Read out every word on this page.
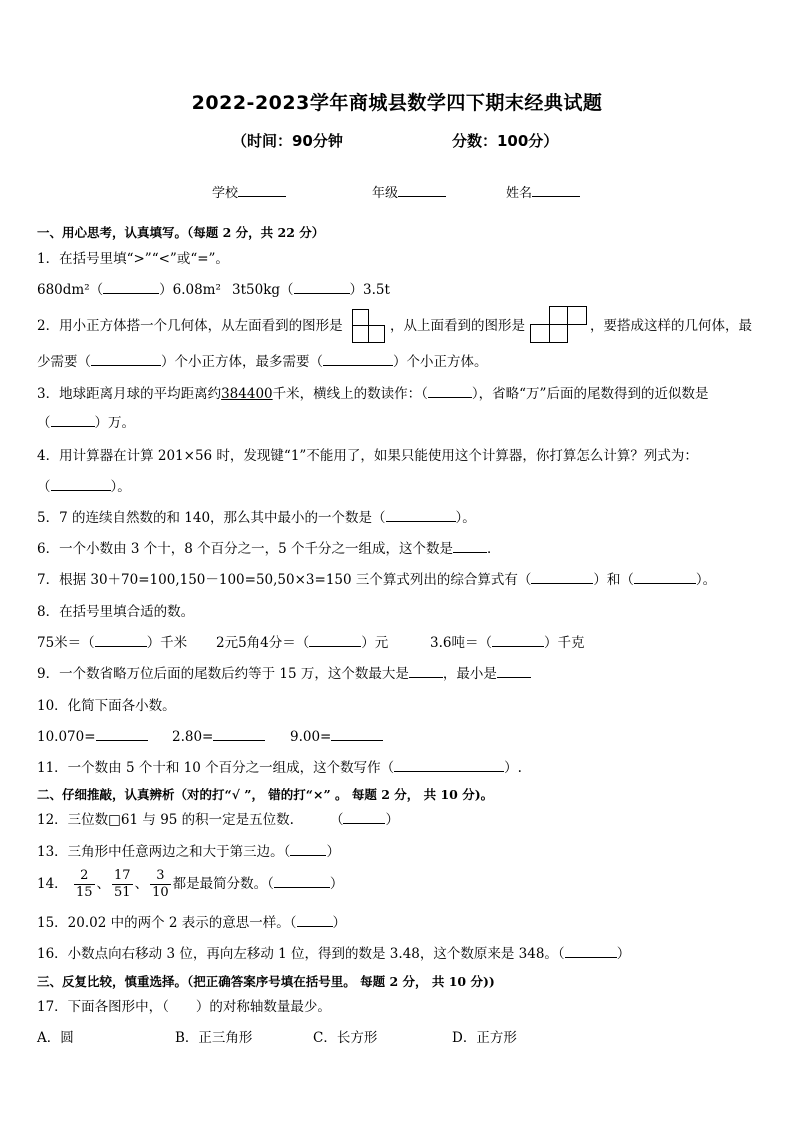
2022-2023学年商城县数学四下期末经典试题
（时间：90分钟	分数：100分）
学校	年级	姓名
一、用心思考，认真填写。（每题 2 分，共 22 分）
1．在括号里填“>”“<”或“=”。
680dm²（	）6.08m² 3t50kg（	）3.5t
2．用小正方体搭一个几何体，从左面看到的图形是	，从上面看到的图形是	，要搭成这样的几何体，最
少需要（	）个小正方体，最多需要（	）个小正方体。
3．地球距离月球的平均距离约384400千米，横线上的数读作：（	），省略“万”后面的尾数得到的近似数是
（	）万。
4．用计算器在计算 201×56 时，发现键“1”不能用了，如果只能使用这个计算器，你打算怎么计算？列式为：
（	）。
5．7 的连续自然数的和 140，那么其中最小的一个数是（	）。
6．一个小数由 3 个十，8 个百分之一，5 个千分之一组成，这个数是	．
7．根据 30＋70=100,150－100=50,50×3=150 三个算式列出的综合算式有（	）和（	）。
8．在括号里填合适的数。
75米＝（	）千米 2元5角4分＝（	）元	3.6吨＝（	）千克
9．一个数省略万位后面的尾数后约等于 15 万，这个数最大是	，最小是
10．化简下面各小数。
10.070=	2.80=	9.00=
11．一个数由 5 个十和 10 个百分之一组成，这个数写作（	）.
二、仔细推敲，认真辨析（对的打“√ ”， 错的打“×” 。 每题 2 分， 共 10 分)。
12．三位数□61 与 95 的积一定是五位数.	（	）
13．三角形中任意两边之和大于第三边。（	）
14． $\frac{2}{15}$ 、 $\frac{17}{51}$ 、 $\frac{3}{10}$ 都是最简分数。（	）
15．20.02 中的两个 2 表示的意思一样。（	）
16．小数点向右移动 3 位，再向左移动 1 位，得到的数是 3.48，这个数原来是 348。（	）
三、反复比较，慎重选择。（把正确答案序号填在括号里。 每题 2 分， 共 10 分))
17．下面各图形中，（　　）的对称轴数量最少。
A．圆	B．正三角形	C．长方形	D．正方形
